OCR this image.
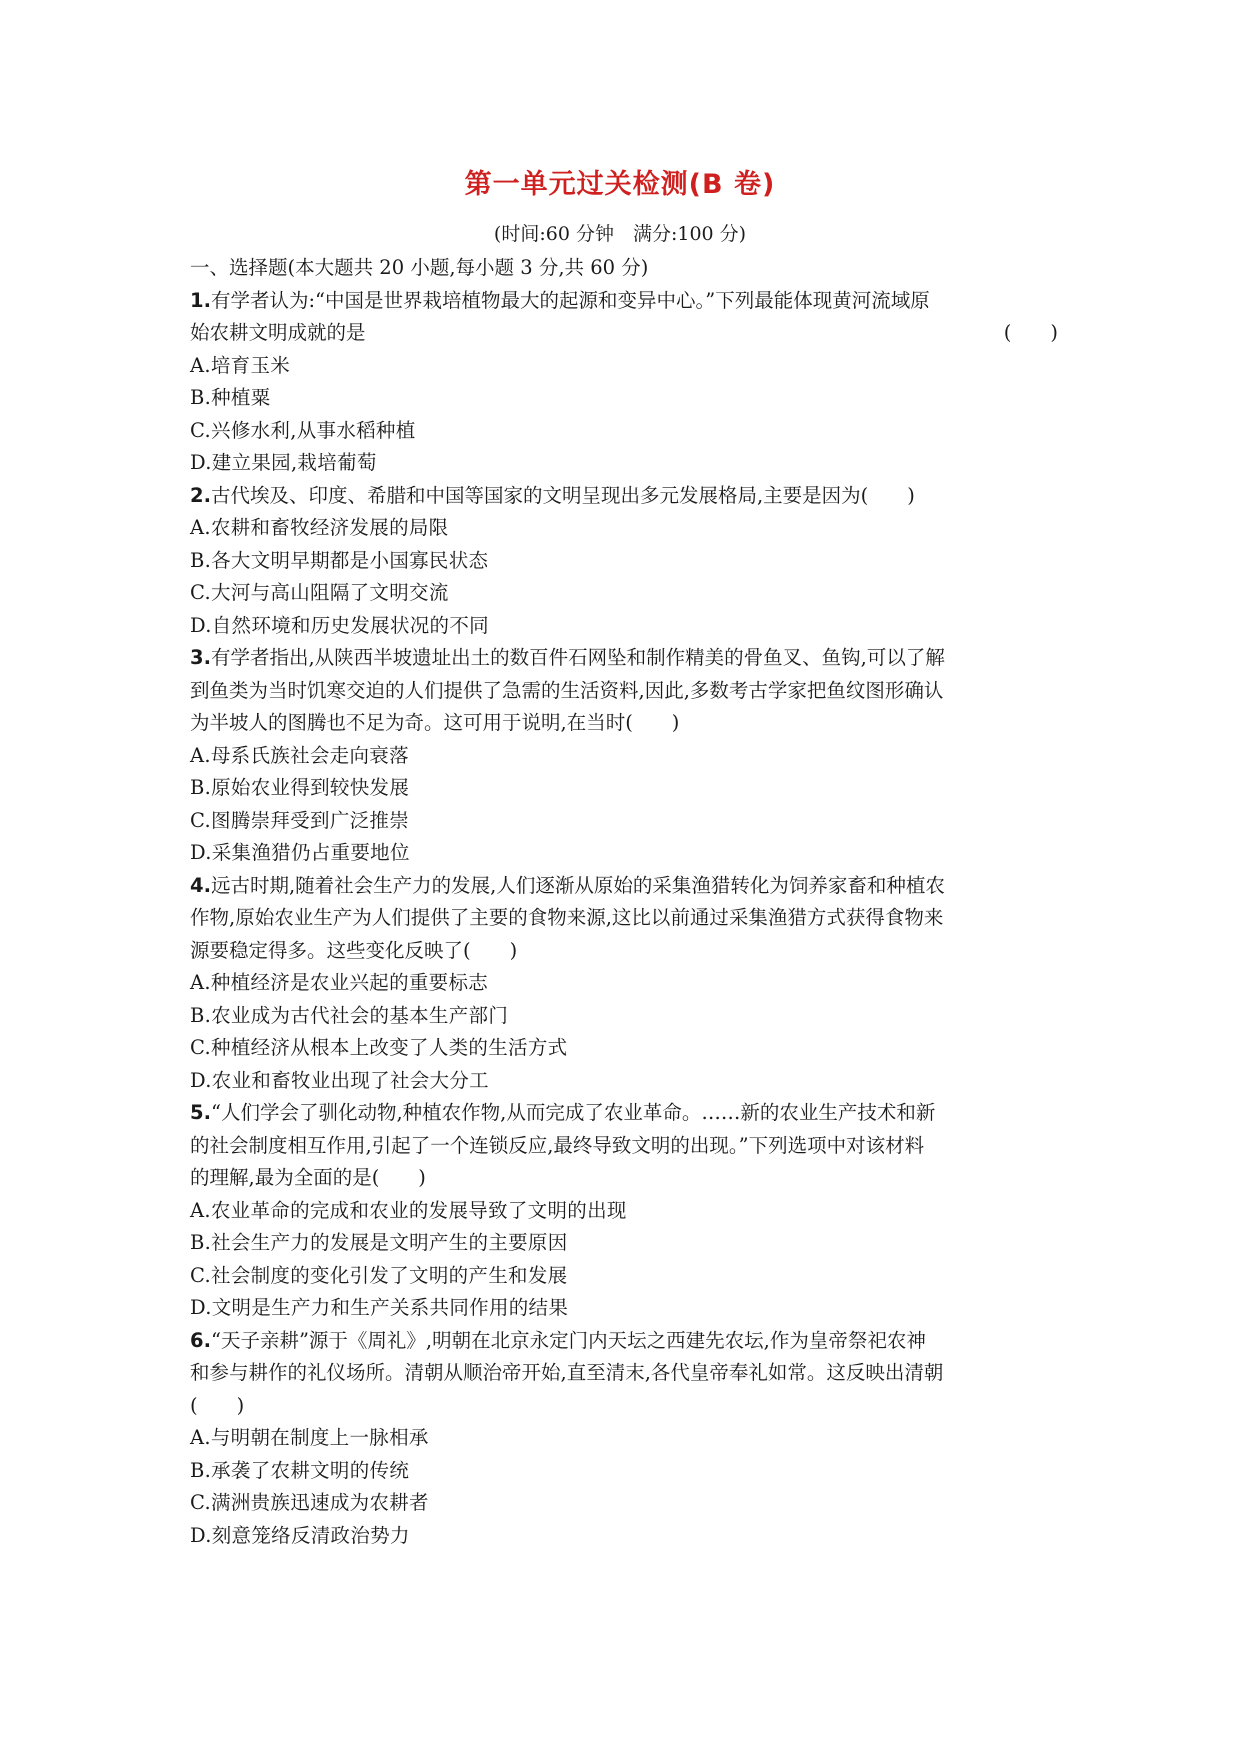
第一单元过关检测(B 卷)
(时间:60 分钟　满分:100 分)
一、选择题(本大题共 20 小题,每小题 3 分,共 60 分)
1.有学者认为:“中国是世界栽培植物最大的起源和变异中心。”下列最能体现黄河流域原
始农耕文明成就的是	(　　)
A.培育玉米
B.种植粟
C.兴修水利,从事水稻种植
D.建立果园,栽培葡萄
2.古代埃及、印度、希腊和中国等国家的文明呈现出多元发展格局,主要是因为(　　)
A.农耕和畜牧经济发展的局限
B.各大文明早期都是小国寡民状态
C.大河与高山阻隔了文明交流
D.自然环境和历史发展状况的不同
3.有学者指出,从陕西半坡遗址出土的数百件石网坠和制作精美的骨鱼叉、鱼钩,可以了解
到鱼类为当时饥寒交迫的人们提供了急需的生活资料,因此,多数考古学家把鱼纹图形确认
为半坡人的图腾也不足为奇。这可用于说明,在当时(　　)
A.母系氏族社会走向衰落
B.原始农业得到较快发展
C.图腾崇拜受到广泛推崇
D.采集渔猎仍占重要地位
4.远古时期,随着社会生产力的发展,人们逐渐从原始的采集渔猎转化为饲养家畜和种植农
作物,原始农业生产为人们提供了主要的食物来源,这比以前通过采集渔猎方式获得食物来
源要稳定得多。这些变化反映了(　　)
A.种植经济是农业兴起的重要标志
B.农业成为古代社会的基本生产部门
C.种植经济从根本上改变了人类的生活方式
D.农业和畜牧业出现了社会大分工
5.“人们学会了驯化动物,种植农作物,从而完成了农业革命。……新的农业生产技术和新
的社会制度相互作用,引起了一个连锁反应,最终导致文明的出现。”下列选项中对该材料
的理解,最为全面的是(　　)
A.农业革命的完成和农业的发展导致了文明的出现
B.社会生产力的发展是文明产生的主要原因
C.社会制度的变化引发了文明的产生和发展
D.文明是生产力和生产关系共同作用的结果
6.“天子亲耕”源于《周礼》,明朝在北京永定门内天坛之西建先农坛,作为皇帝祭祀农神
和参与耕作的礼仪场所。清朝从顺治帝开始,直至清末,各代皇帝奉礼如常。这反映出清朝
(　　)
A.与明朝在制度上一脉相承
B.承袭了农耕文明的传统
C.满洲贵族迅速成为农耕者
D.刻意笼络反清政治势力
